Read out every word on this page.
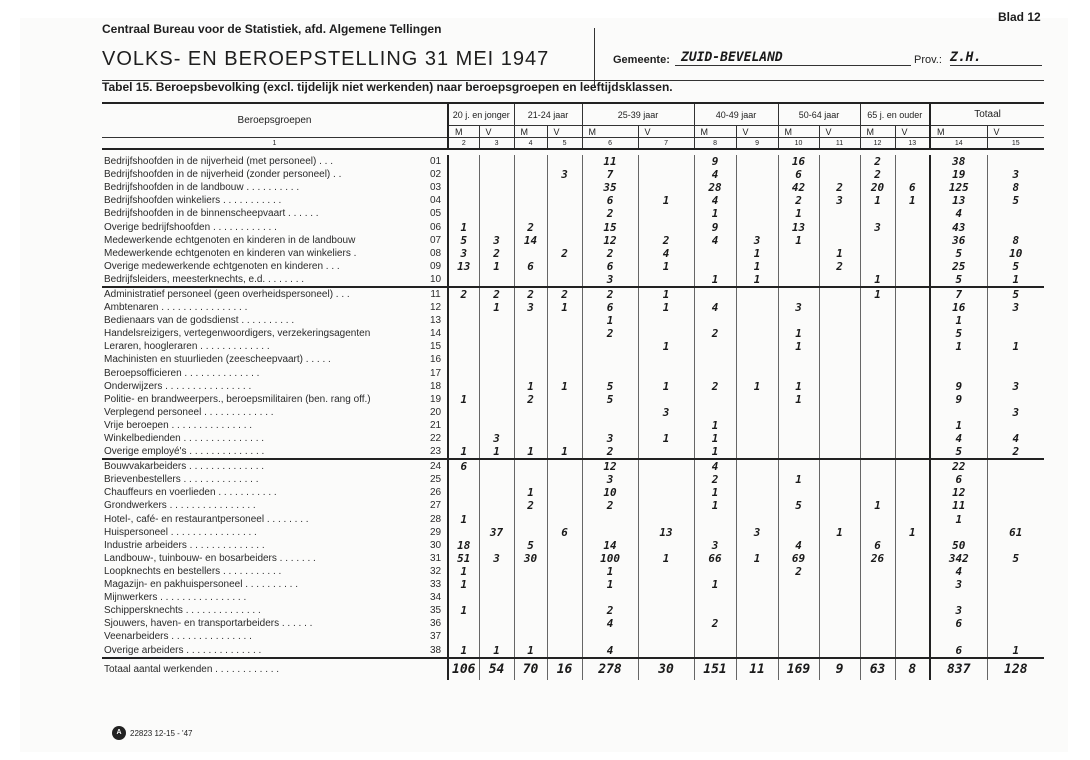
Centraal Bureau voor de Statistiek, afd. Algemene Tellingen
VOLKS- EN BEROEPSTELLING 31 MEI 1947	Gemeente: ZUID-BEVELAND	Prov.: Z.H.
Blad 12
Tabel 15. Beroepsbevolking (excl. tijdelijk niet werkenden) naar beroepsgroepen en leeftijdsklassen.
Beroepsgroepen		20 j. en jonger		21-24 jaar		25-39 jaar		40-49 jaar		50-64 jaar		65 j. en ouder		Totaal	
		M	V	M	V	M	V	M	V	M	V	M	V	M	V
1		2	3	4	5	6	7	8	9	10	11	12	13	14	15

Bedrijfshoofden in de nijverheid (met personeel) . . .	01					11		9		16		2		38	
Bedrijfshoofden in de nijverheid (zonder personeel) . .	02				3	7		4		6		2		19	3
Bedrijfshoofden in de landbouw . . . . . . . . . .	03					35		28		42	2	20	6	125	8
Bedrijfshoofden winkeliers . . . . . . . . . . .	04					6	1	4		2	3	1	1	13	5
Bedrijfshoofden in de binnenscheepvaart . . . . . .	05					2		1		1				4	
Overige bedrijfshoofden . . . . . . . . . . . .	06	1		2		15		9		13		3		43	
Medewerkende echtgenoten en kinderen in de landbouw	07	5	3	14		12	2	4	3	1				36	8
Medewerkende echtgenoten en kinderen van winkeliers .	08	3	2		2	2	4		1		1			5	10
Overige medewerkende echtgenoten en kinderen . . .	09	13	1	6		6	1		1		2			25	5
Bedrijfsleiders, meesterknechts, e.d. . . . . . . .	10					3		1	1			1		5	1
Administratief personeel (geen overheidspersoneel) . . .	11	2	2	2	2	2	1					1		7	5
Ambtenaren . . . . . . . . . . . . . . . .	12		1	3	1	6	1	4		3				16	3
Bedienaars van de godsdienst . . . . . . . . . .	13					1								1	
Handelsreizigers, vertegenwoordigers, verzekeringsagenten	14					2		2		1				5	
Leraren, hoogleraren . . . . . . . . . . . . .	15						1			1				1	1
Machinisten en stuurlieden (zeescheepvaart) . . . . .	16														
Beroepsofficieren . . . . . . . . . . . . . .	17														
Onderwijzers . . . . . . . . . . . . . . . .	18			1	1	5	1	2	1	1				9	3
Politie- en brandweerpers., beroepsmilitairen (ben. rang off.)	19	1		2		5				1				9	
Verplegend personeel . . . . . . . . . . . . .	20						3								3
Vrije beroepen . . . . . . . . . . . . . . .	21							1						1	
Winkelbedienden . . . . . . . . . . . . . . .	22		3			3	1	1						4	4
Overige employé's . . . . . . . . . . . . . .	23	1	1	1	1	2		1						5	2
Bouwvakarbeiders . . . . . . . . . . . . . .	24	6				12		4						22	
Brievenbestellers . . . . . . . . . . . . . .	25					3		2		1				6	
Chauffeurs en voerlieden . . . . . . . . . . .	26			1		10		1						12	
Grondwerkers . . . . . . . . . . . . . . . .	27			2		2		1		5		1		11	
Hotel-, café- en restaurantpersoneel . . . . . . . .	28	1												1	
Huispersoneel . . . . . . . . . . . . . . . .	29		37		6		13		3		1		1		61
Industrie arbeiders . . . . . . . . . . . . . .	30	18		5		14		3		4		6		50	
Landbouw-, tuinbouw- en bosarbeiders . . . . . . .	31	51	3	30		100	1	66	1	69		26		342	5
Loopknechts en bestellers . . . . . . . . . . .	32	1				1				2				4	
Magazijn- en pakhuispersoneel . . . . . . . . . .	33	1				1		1						3	
Mijnwerkers . . . . . . . . . . . . . . . .	34														
Schippersknechts . . . . . . . . . . . . . .	35	1				2								3	
Sjouwers, haven- en transportarbeiders . . . . . .	36					4		2						6	
Veenarbeiders . . . . . . . . . . . . . . .	37														
Overige arbeiders . . . . . . . . . . . . . .	38	1	1	1		4								6	1
Totaal aantal werkenden . . . . . . . . . . . .		106	54	70	16	278	30	151	11	169	9	63	8	837	128
A	22823 12-15 - '47
